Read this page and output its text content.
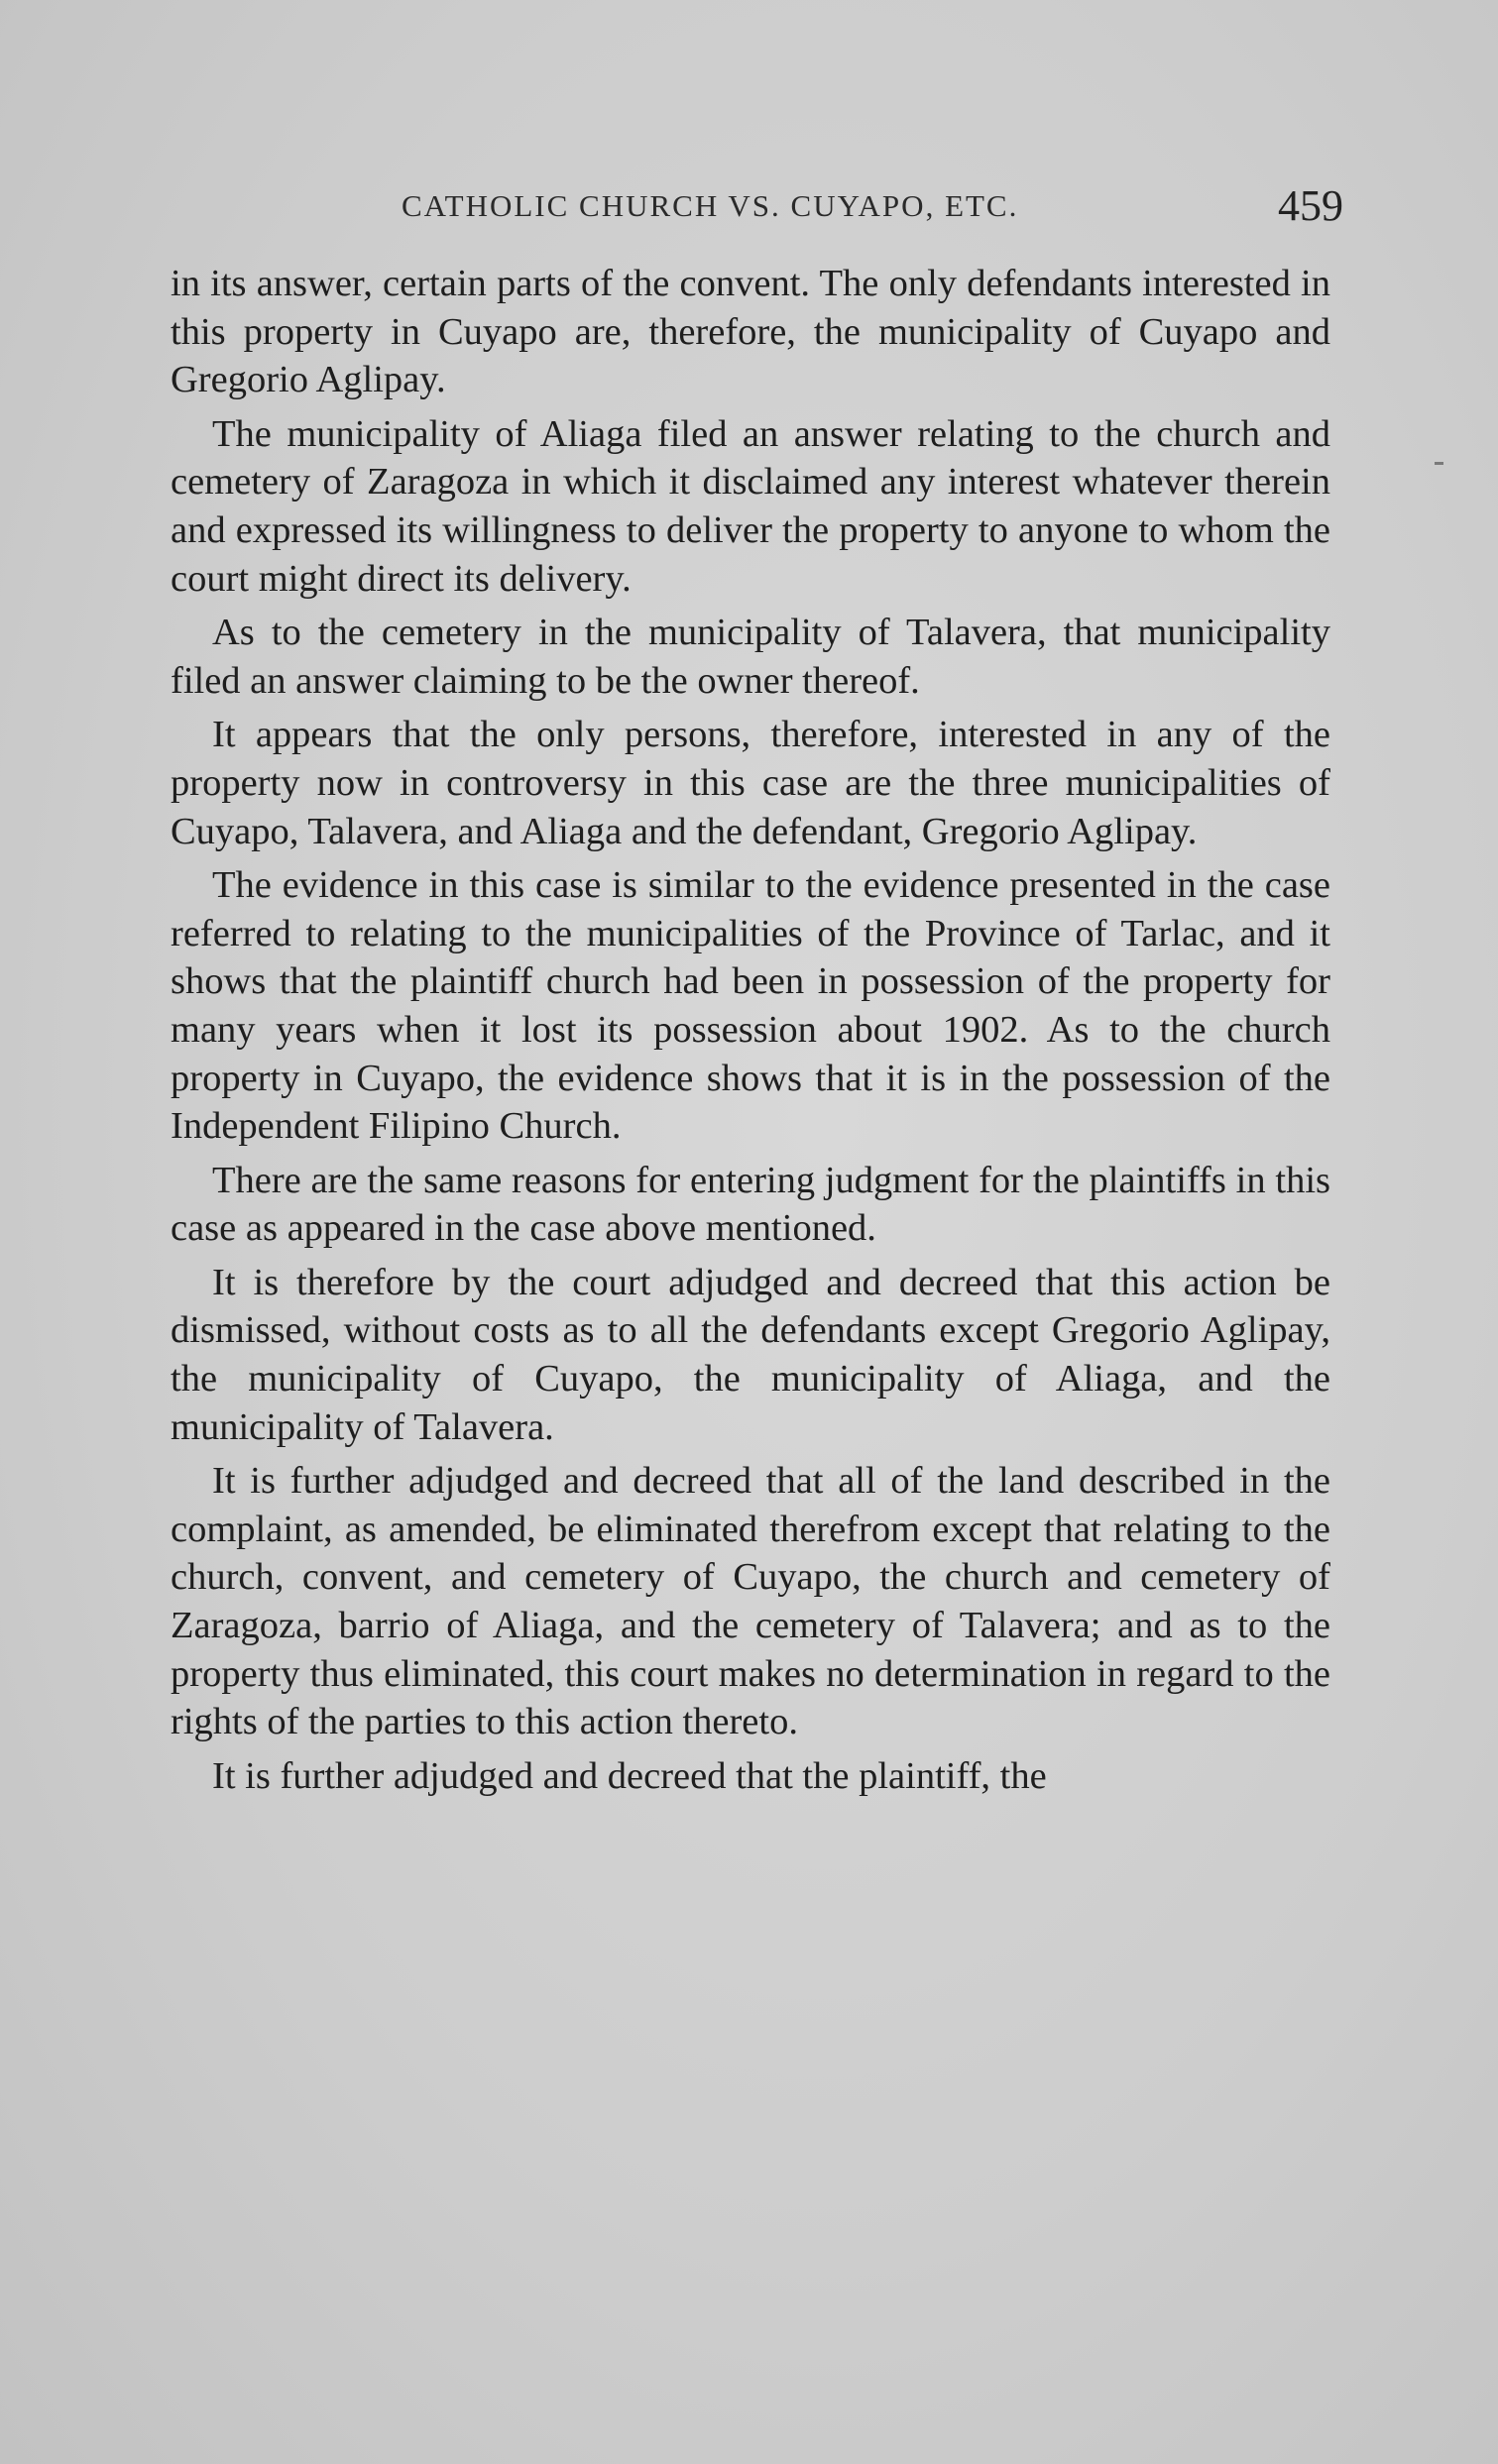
CATHOLIC CHURCH VS. CUYAPO, ETC.	459

in its answer, certain parts of the convent. The only defendants interested in this property in Cuyapo are, therefore, the municipality of Cuyapo and Gregorio Aglipay.

The municipality of Aliaga filed an answer relating to the church and cemetery of Zaragoza in which it disclaimed any interest whatever therein and expressed its willingness to deliver the property to anyone to whom the court might direct its delivery.

As to the cemetery in the municipality of Talavera, that municipality filed an answer claiming to be the owner thereof.

It appears that the only persons, therefore, interested in any of the property now in controversy in this case are the three municipalities of Cuyapo, Talavera, and Aliaga and the defendant, Gregorio Aglipay.

The evidence in this case is similar to the evidence presented in the case referred to relating to the municipalities of the Province of Tarlac, and it shows that the plaintiff church had been in possession of the property for many years when it lost its possession about 1902. As to the church property in Cuyapo, the evidence shows that it is in the possession of the Independent Filipino Church.

There are the same reasons for entering judgment for the plaintiffs in this case as appeared in the case above mentioned.

It is therefore by the court adjudged and decreed that this action be dismissed, without costs as to all the defendants except Gregorio Aglipay, the municipality of Cuyapo, the municipality of Aliaga, and the municipality of Talavera.

It is further adjudged and decreed that all of the land described in the complaint, as amended, be eliminated therefrom except that relating to the church, convent, and cemetery of Cuyapo, the church and cemetery of Zaragoza, barrio of Aliaga, and the cemetery of Talavera; and as to the property thus eliminated, this court makes no determination in regard to the rights of the parties to this action thereto.

It is further adjudged and decreed that the plaintiff, the
